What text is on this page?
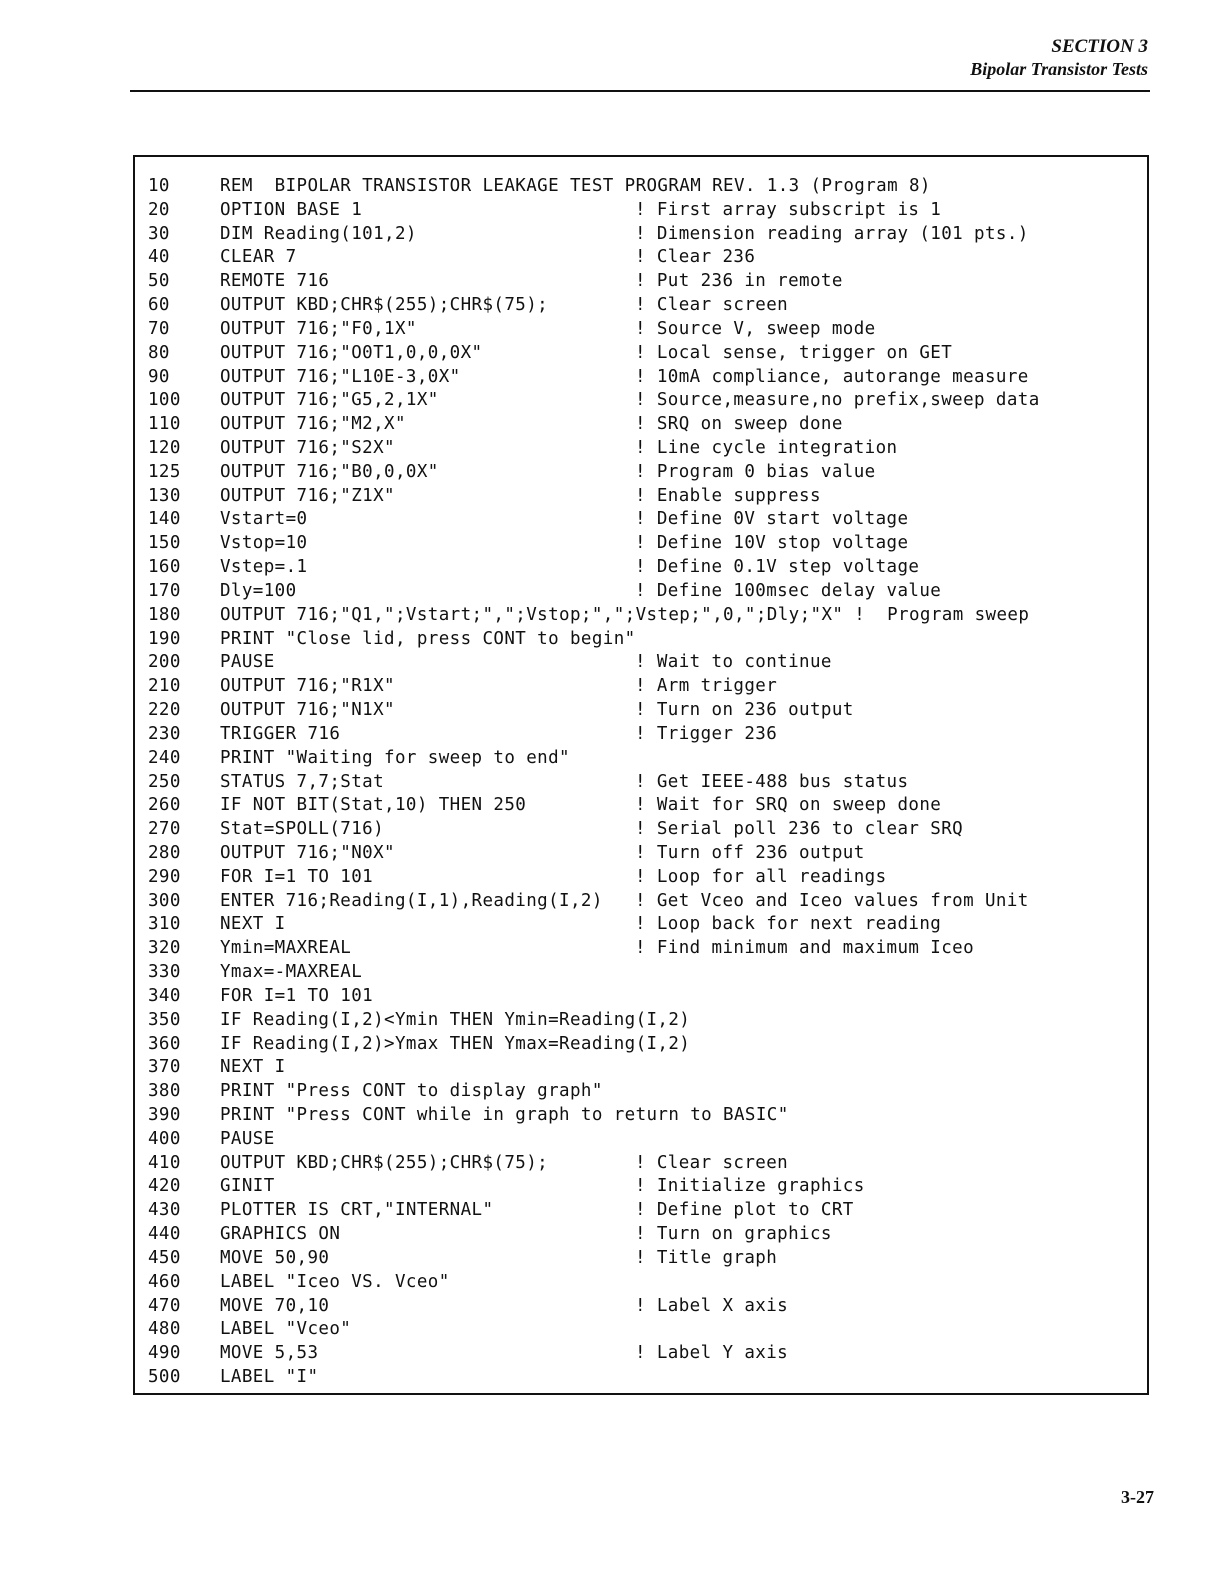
SECTION 3
Bipolar Transistor Tests
10	REM  BIPOLAR TRANSISTOR LEAKAGE TEST PROGRAM REV. 1.3 (Program 8)
20	OPTION BASE 1	! First array subscript is 1
30	DIM Reading(101,2)	! Dimension reading array (101 pts.)
40	CLEAR 7	! Clear 236
50	REMOTE 716	! Put 236 in remote
60	OUTPUT KBD;CHR$(255);CHR$(75);	! Clear screen
70	OUTPUT 716;"F0,1X"	! Source V, sweep mode
80	OUTPUT 716;"O0T1,0,0,0X"	! Local sense, trigger on GET
90	OUTPUT 716;"L10E-3,0X"	! 10mA compliance, autorange measure
100 OUTPUT 716;"G5,2,1X"	! Source,measure,no prefix,sweep data
110 OUTPUT 716;"M2,X"	! SRQ on sweep done
120 OUTPUT 716;"S2X"	! Line cycle integration
125 OUTPUT 716;"B0,0,0X"	! Program 0 bias value
130 OUTPUT 716;"Z1X"	! Enable suppress
140 Vstart=0	! Define 0V start voltage
150 Vstop=10	! Define 10V stop voltage
160 Vstep=.1	! Define 0.1V step voltage
170 Dly=100	! Define 100msec delay value
180 OUTPUT 716;"Q1,";Vstart;",";Vstop;",";Vstep;",0,";Dly;"X" !  Program sweep
190 PRINT "Close lid, press CONT to begin"
200 PAUSE	! Wait to continue
210 OUTPUT 716;"R1X"	! Arm trigger
220 OUTPUT 716;"N1X"	! Turn on 236 output
230 TRIGGER 716	! Trigger 236
240 PRINT "Waiting for sweep to end"
250 STATUS 7,7;Stat	! Get IEEE-488 bus status
260 IF NOT BIT(Stat,10) THEN 250	! Wait for SRQ on sweep done
270 Stat=SPOLL(716)	! Serial poll 236 to clear SRQ
280 OUTPUT 716;"N0X"	! Turn off 236 output
290 FOR I=1 TO 101	! Loop for all readings
300 ENTER 716;Reading(I,1),Reading(I,2) ! Get Vceo and Iceo values from Unit
310 NEXT I	! Loop back for next reading
320 Ymin=MAXREAL	! Find minimum and maximum Iceo
330 Ymax=-MAXREAL
340 FOR I=1 TO 101
350 IF Reading(I,2)<Ymin THEN Ymin=Reading(I,2)
360 IF Reading(I,2)>Ymax THEN Ymax=Reading(I,2)
370 NEXT I
380 PRINT "Press CONT to display graph"
390 PRINT "Press CONT while in graph to return to BASIC"
400 PAUSE
410 OUTPUT KBD;CHR$(255);CHR$(75);	! Clear screen
420 GINIT	! Initialize graphics
430 PLOTTER IS CRT,"INTERNAL"	! Define plot to CRT
440 GRAPHICS ON	! Turn on graphics
450 MOVE 50,90	! Title graph
460 LABEL "Iceo VS. Vceo"
470 MOVE 70,10	! Label X axis
480 LABEL "Vceo"
490 MOVE 5,53	! Label Y axis
500 LABEL "I"
3-27
